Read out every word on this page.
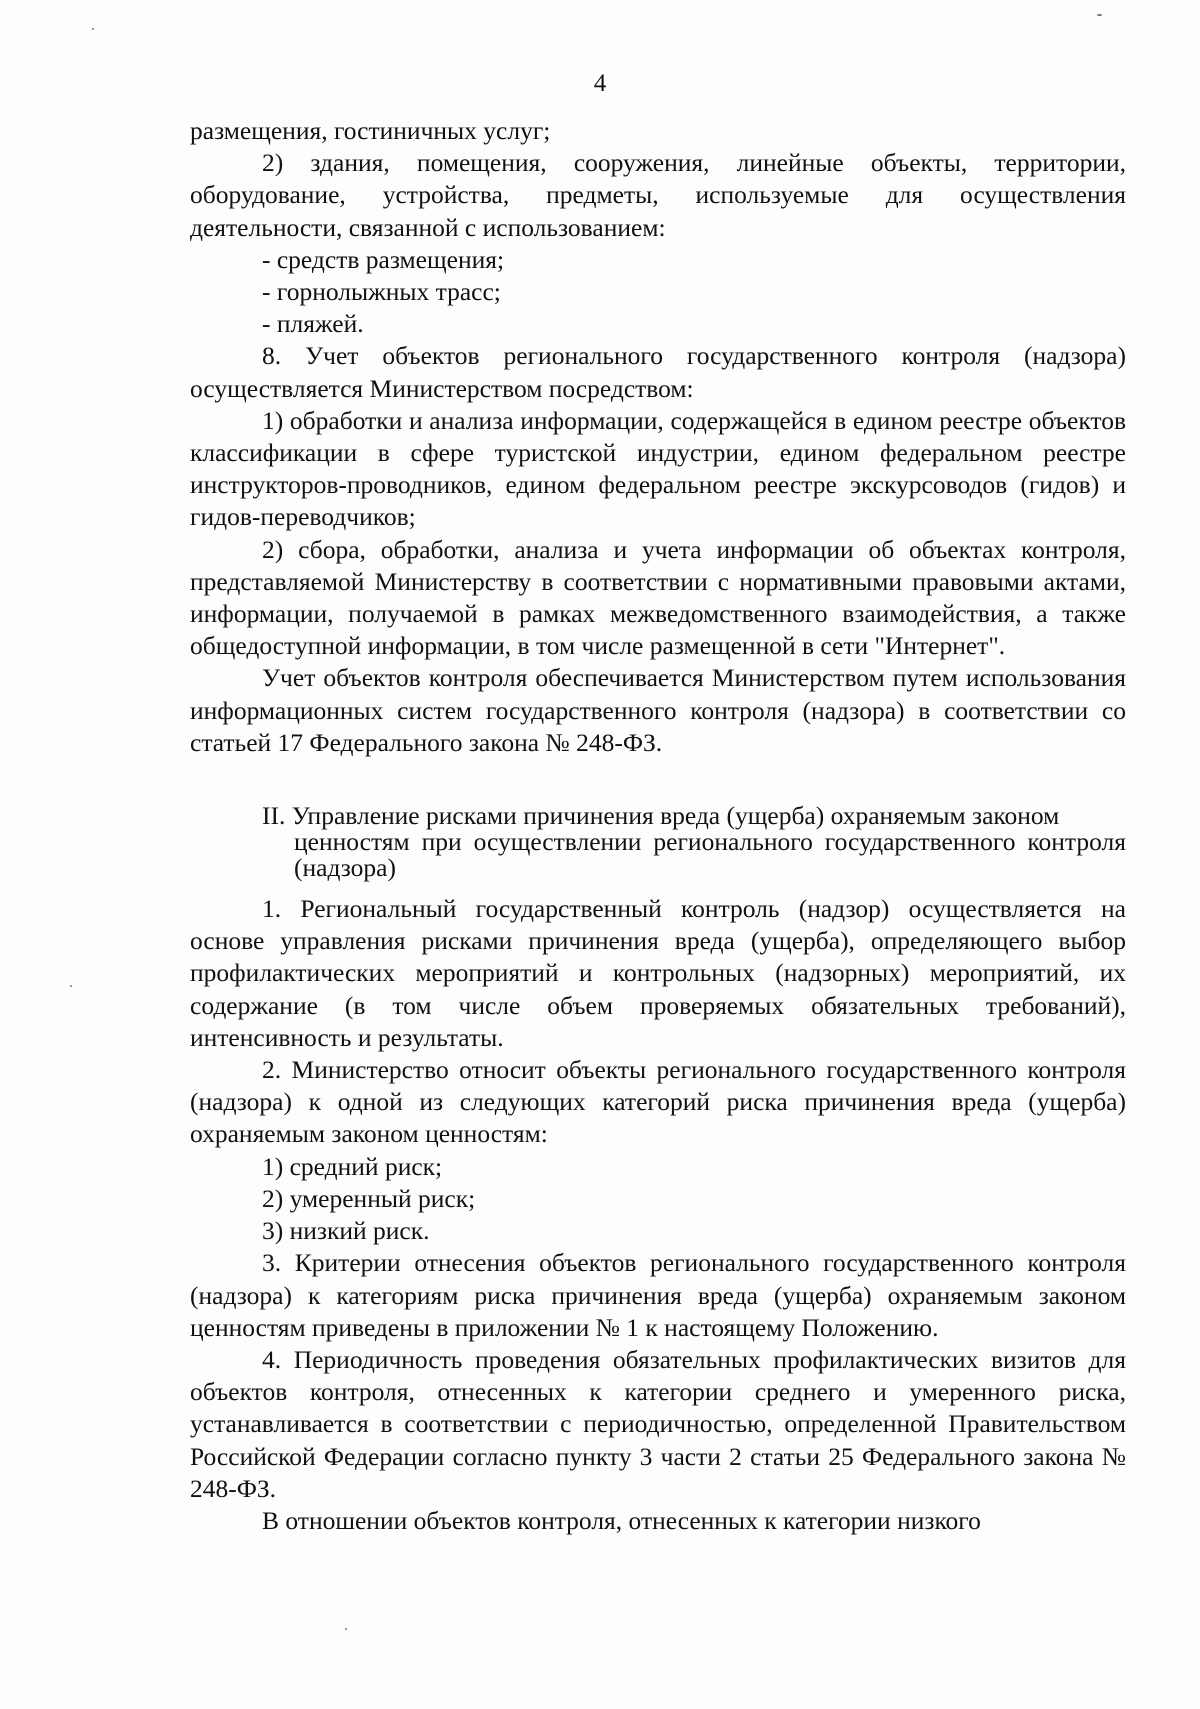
4

размещения, гостиничных услуг;

2) здания, помещения, сооружения, линейные объекты, территории, оборудование, устройства, предметы, используемые для осуществления деятельности, связанной с использованием:

- средств размещения;

- горнолыжных трасс;

- пляжей.

8. Учет объектов регионального государственного контроля (надзора) осуществляется Министерством посредством:

1) обработки и анализа информации, содержащейся в едином реестре объектов классификации в сфере туристской индустрии, едином федеральном реестре инструкторов-проводников, едином федеральном реестре экскурсоводов (гидов) и гидов-переводчиков;

2) сбора, обработки, анализа и учета информации об объектах контроля, представляемой Министерству в соответствии с нормативными правовыми актами, информации, получаемой в рамках межведомственного взаимодействия, а также общедоступной информации, в том числе размещенной в сети "Интернет".

Учет объектов контроля обеспечивается Министерством путем использования информационных систем государственного контроля (надзора) в соответствии со статьей 17 Федерального закона № 248-ФЗ.

II. Управление рисками причинения вреда (ущерба) охраняемым законом
ценностям при осуществлении регионального государственного контроля (надзора)

1. Региональный государственный контроль (надзор) осуществляется на основе управления рисками причинения вреда (ущерба), определяющего выбор профилактических мероприятий и контрольных (надзорных) мероприятий, их содержание (в том числе объем проверяемых обязательных требований), интенсивность и результаты.

2. Министерство относит объекты регионального государственного контроля (надзора) к одной из следующих категорий риска причинения вреда (ущерба) охраняемым законом ценностям:

1) средний риск;

2) умеренный риск;

3) низкий риск.

3. Критерии отнесения объектов регионального государственного контроля (надзора) к категориям риска причинения вреда (ущерба) охраняемым законом ценностям приведены в приложении № 1 к настоящему Положению.

4. Периодичность проведения обязательных профилактических визитов для объектов контроля, отнесенных к категории среднего и умеренного риска, устанавливается в соответствии с периодичностью, определенной Правительством Российской Федерации согласно пункту 3 части 2 статьи 25 Федерального закона № 248-ФЗ.

В отношении объектов контроля, отнесенных к категории низкого
